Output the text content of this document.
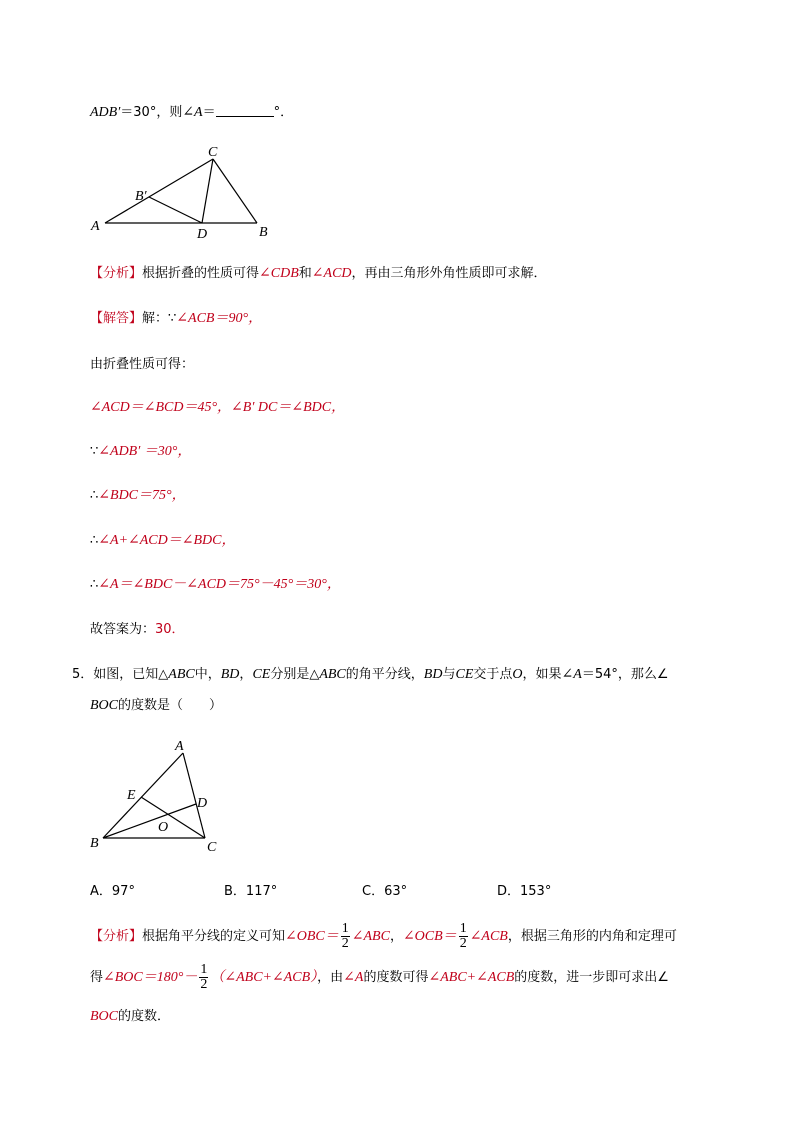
ADB′＝30°，则∠A＝	°．
C
B′
A
D	B
【分析】根据折叠的性质可得∠CDB和∠ACD，再由三角形外角性质即可求解．
【解答】解：∵∠ACB＝90°，
由折叠性质可得：
∠ACD＝∠BCD＝45°，∠B′ DC＝∠BDC，
∵∠ADB′ ＝30°，
∴∠BDC＝75°，
∴∠A+∠ACD＝∠BDC，
∴∠A＝∠BDC－∠ACD＝75°－45°＝30°，
故答案为：30．
5．如图，已知△ABC中，BD，CE分别是△ABC的角平分线，BD与CE交于点O，如果∠A＝54°，那么∠
BOC的度数是（　　）
A
E
D
O
B	C
A．97°	B．117°	C．63°	D．153°
【分析】根据角平分线的定义可知∠OBC＝ $\frac{1}{2}$ ∠ABC，∠OCB＝ $\frac{1}{2}$ ∠ACB，根据三角形的内角和定理可
得∠BOC＝180°－ $\frac{1}{2}$ （∠ABC+∠ACB），由∠A的度数可得∠ABC+∠ACB的度数，进一步即可求出∠
BOC的度数．
